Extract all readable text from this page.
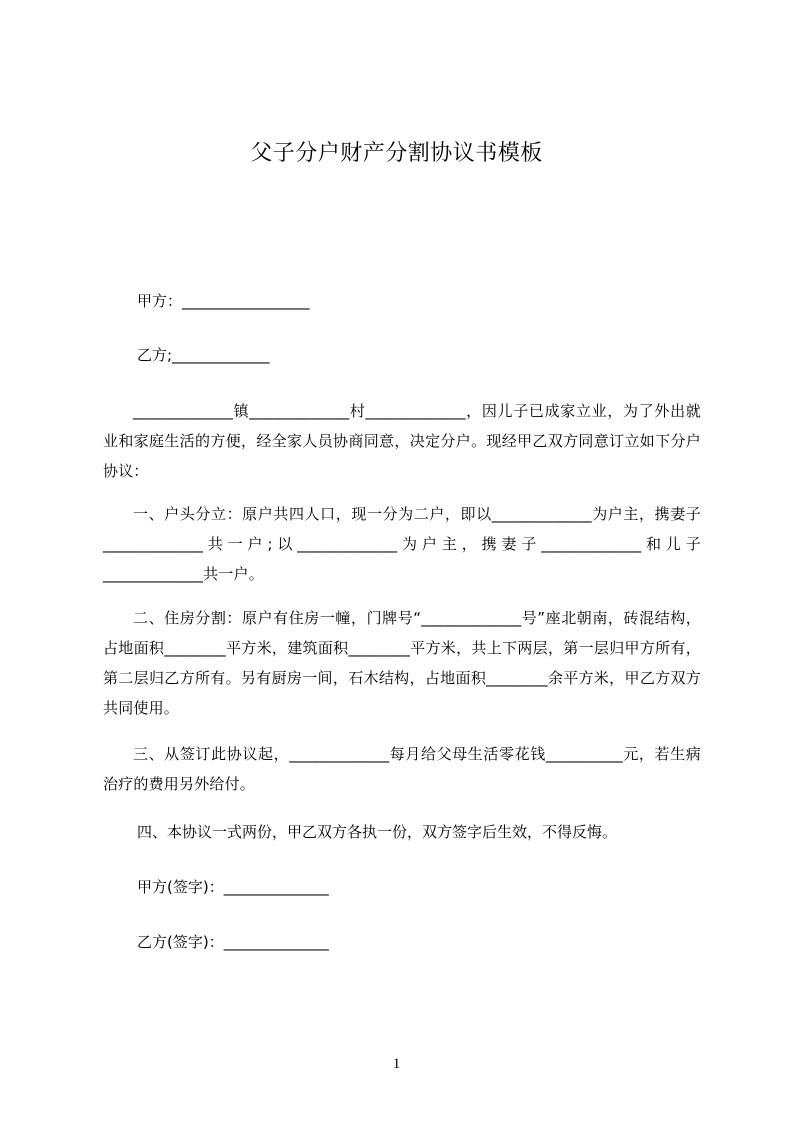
父子分户财产分割协议书模板
甲方：_________________
乙方;_____________
_____________镇_____________村_____________，因儿子已成家立业，为了外出就业和家庭生活的方便，经全家人员协商同意，决定分户。现经甲乙双方同意订立如下分户协议：
一、户头分立：原户共四人口，现一分为二户，即以_____________为户主，携妻子_____________共一户;以_____________为户主，携妻子_____________和儿子_____________共一户。
二、住房分割：原户有住房一幢，门牌号“_____________号”座北朝南，砖混结构，占地面积________平方米，建筑面积________平方米，共上下两层，第一层归甲方所有，第二层归乙方所有。另有厨房一间，石木结构，占地面积________余平方米，甲乙方双方共同使用。
三、从签订此协议起，_____________每月给父母生活零花钱__________元，若生病治疗的费用另外给付。
四、本协议一式两份，甲乙双方各执一份，双方签字后生效，不得反悔。
甲方(签字)：______________
乙方(签字)：______________
1
